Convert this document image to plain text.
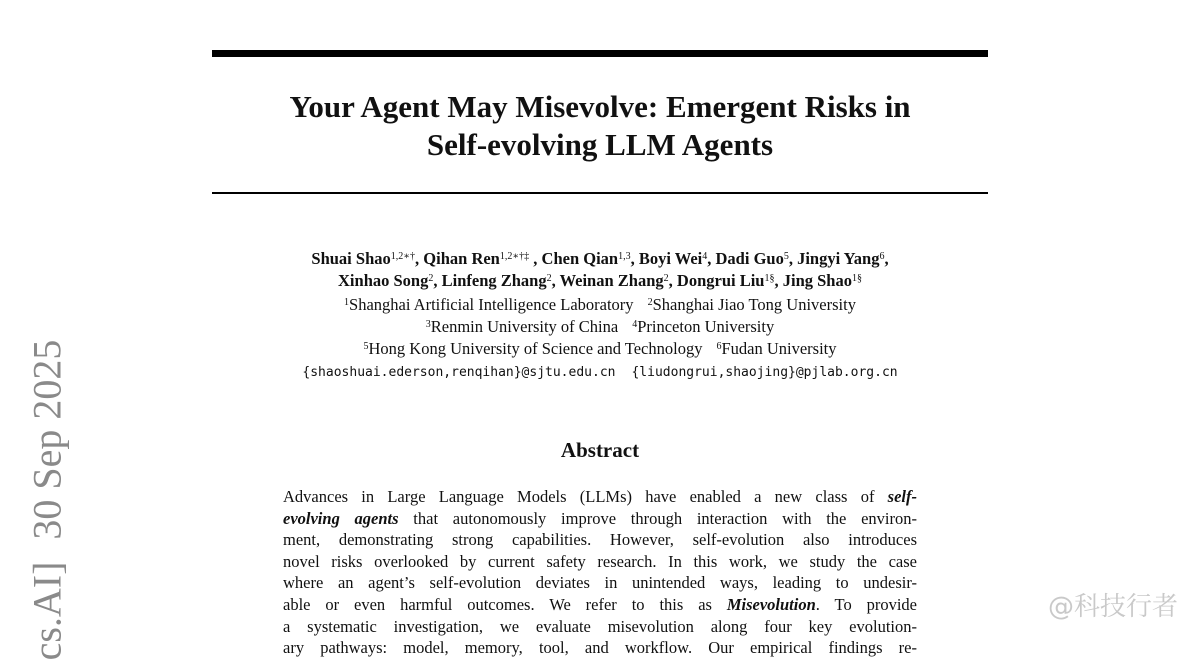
Your Agent May Misevolve: Emergent Risks in
Self-evolving LLM Agents
Shuai Shao$^{1,2∗\dagger}$, Qihan Ren$^{1,2∗\dagger\ddagger}$ , Chen Qian$^{1,3}$, Boyi Wei$^4$, Dadi Guo$^5$, Jingyi Yang$^6$,
Xinhao Song$^2$, Linfeng Zhang$^2$, Weinan Zhang$^2$, Dongrui Liu$^{1\S}$, Jing Shao$^{1\S}$
$^1$Shanghai Artificial Intelligence Laboratory $^2$Shanghai Jiao Tong University
$^3$Renmin University of China $^4$Princeton University
$^5$Hong Kong University of Science and Technology $^6$Fudan University
{shaoshuai.ederson,renqihan}@sjtu.edu.cn {liudongrui,shaojing}@pjlab.org.cn
Abstract
Advances in Large Language Models (LLMs) have enabled a new class of self-
evolving agents that autonomously improve through interaction with the environ-
ment, demonstrating strong capabilities. However, self-evolution also introduces
novel risks overlooked by current safety research. In this work, we study the case
where an agent’s self-evolution deviates in unintended ways, leading to undesir-
able or even harmful outcomes. We refer to this as Misevolution. To provide
a systematic investigation, we evaluate misevolution along four key evolution-
ary pathways: model, memory, tool, and workflow. Our empirical findings re-
cs.AI]30 Sep 2025
@科技行者
